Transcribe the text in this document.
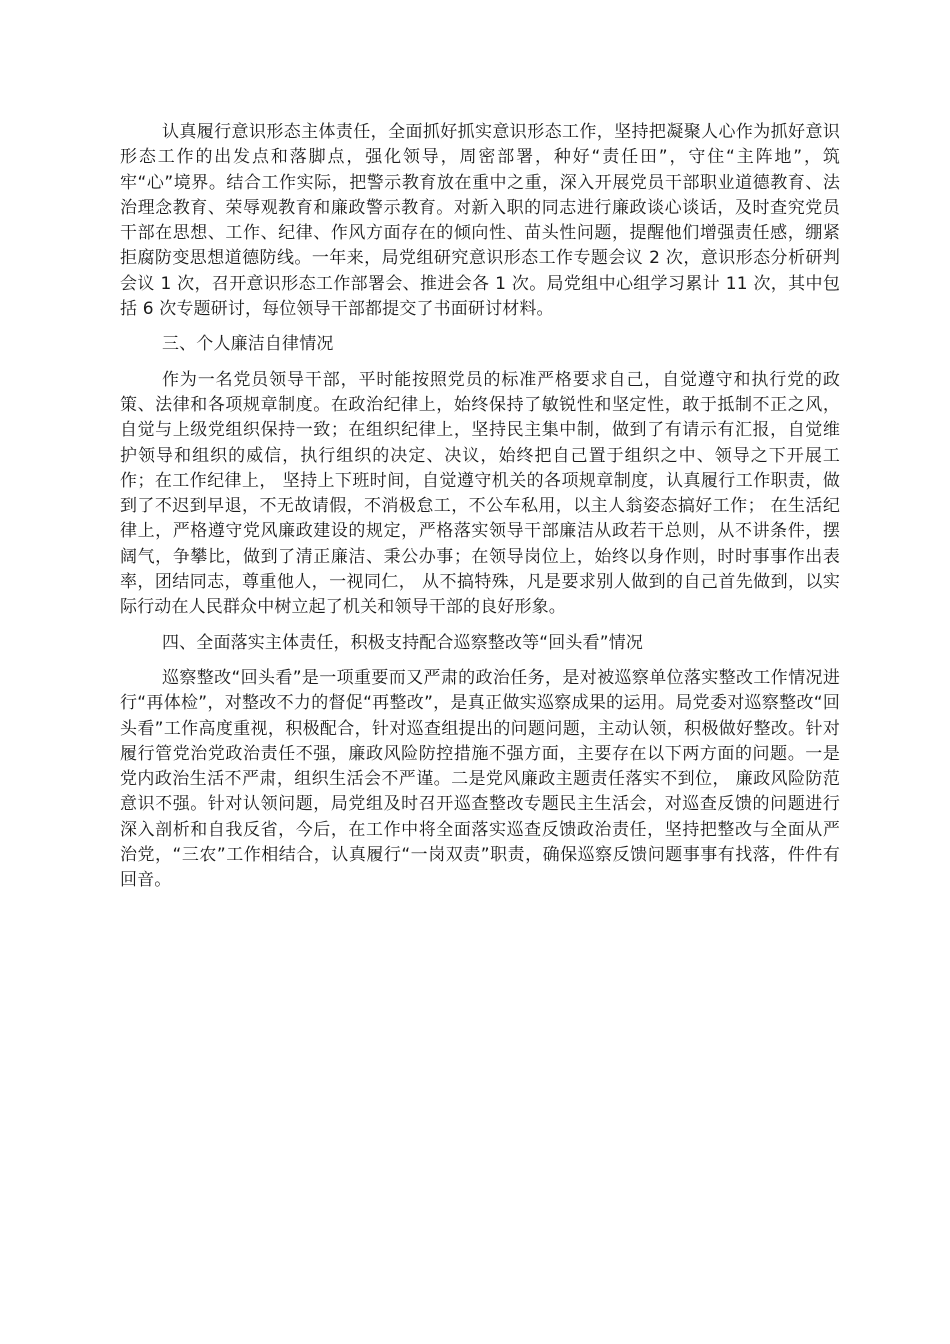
认真履行意识形态主体责任，全面抓好抓实意识形态工作，坚持把凝聚人心作为抓好意识形态工作的出发点和落脚点，强化领导，周密部署，种好“责任田”，守住“主阵地”，筑牢“心”境界。结合工作实际，把警示教育放在重中之重，深入开展党员干部职业道德教育、法治理念教育、荣辱观教育和廉政警示教育。对新入职的同志进行廉政谈心谈话，及时查究党员干部在思想、工作、纪律、作风方面存在的倾向性、苗头性问题，提醒他们增强责任感，绷紧拒腐防变思想道德防线。一年来，局党组研究意识形态工作专题会议 2 次，意识形态分析研判会议 1 次，召开意识形态工作部署会、推进会各 1 次。局党组中心组学习累计 11 次，其中包括 6 次专题研讨，每位领导干部都提交了书面研讨材料。

三、个人廉洁自律情况

作为一名党员领导干部，平时能按照党员的标准严格要求自己，自觉遵守和执行党的政策、法律和各项规章制度。在政治纪律上，始终保持了敏锐性和坚定性，敢于抵制不正之风，自觉与上级党组织保持一致；在组织纪律上，坚持民主集中制，做到了有请示有汇报，自觉维护领导和组织的威信，执行组织的决定、决议，始终把自己置于组织之中、领导之下开展工作；在工作纪律上， 坚持上下班时间，自觉遵守机关的各项规章制度，认真履行工作职责，做到了不迟到早退，不无故请假，不消极怠工，不公车私用，以主人翁姿态搞好工作； 在生活纪律上，严格遵守党风廉政建设的规定，严格落实领导干部廉洁从政若干总则，从不讲条件，摆阔气，争攀比，做到了清正廉洁、秉公办事；在领导岗位上，始终以身作则，时时事事作出表率，团结同志，尊重他人，一视同仁， 从不搞特殊，凡是要求别人做到的自己首先做到，以实际行动在人民群众中树立起了机关和领导干部的良好形象。

四、全面落实主体责任，积极支持配合巡察整改等“回头看”情况

巡察整改“回头看”是一项重要而又严肃的政治任务，是对被巡察单位落实整改工作情况进行“再体检”，对整改不力的督促“再整改”，是真正做实巡察成果的运用。局党委对巡察整改“回头看”工作高度重视，积极配合，针对巡查组提出的问题问题，主动认领，积极做好整改。针对履行管党治党政治责任不强，廉政风险防控措施不强方面，主要存在以下两方面的问题。一是党内政治生活不严肃，组织生活会不严谨。二是党风廉政主题责任落实不到位， 廉政风险防范意识不强。针对认领问题，局党组及时召开巡查整改专题民主生活会，对巡查反馈的问题进行深入剖析和自我反省，今后，在工作中将全面落实巡查反馈政治责任，坚持把整改与全面从严治党，“三农”工作相结合，认真履行“一岗双责”职责，确保巡察反馈问题事事有找落，件件有回音。
